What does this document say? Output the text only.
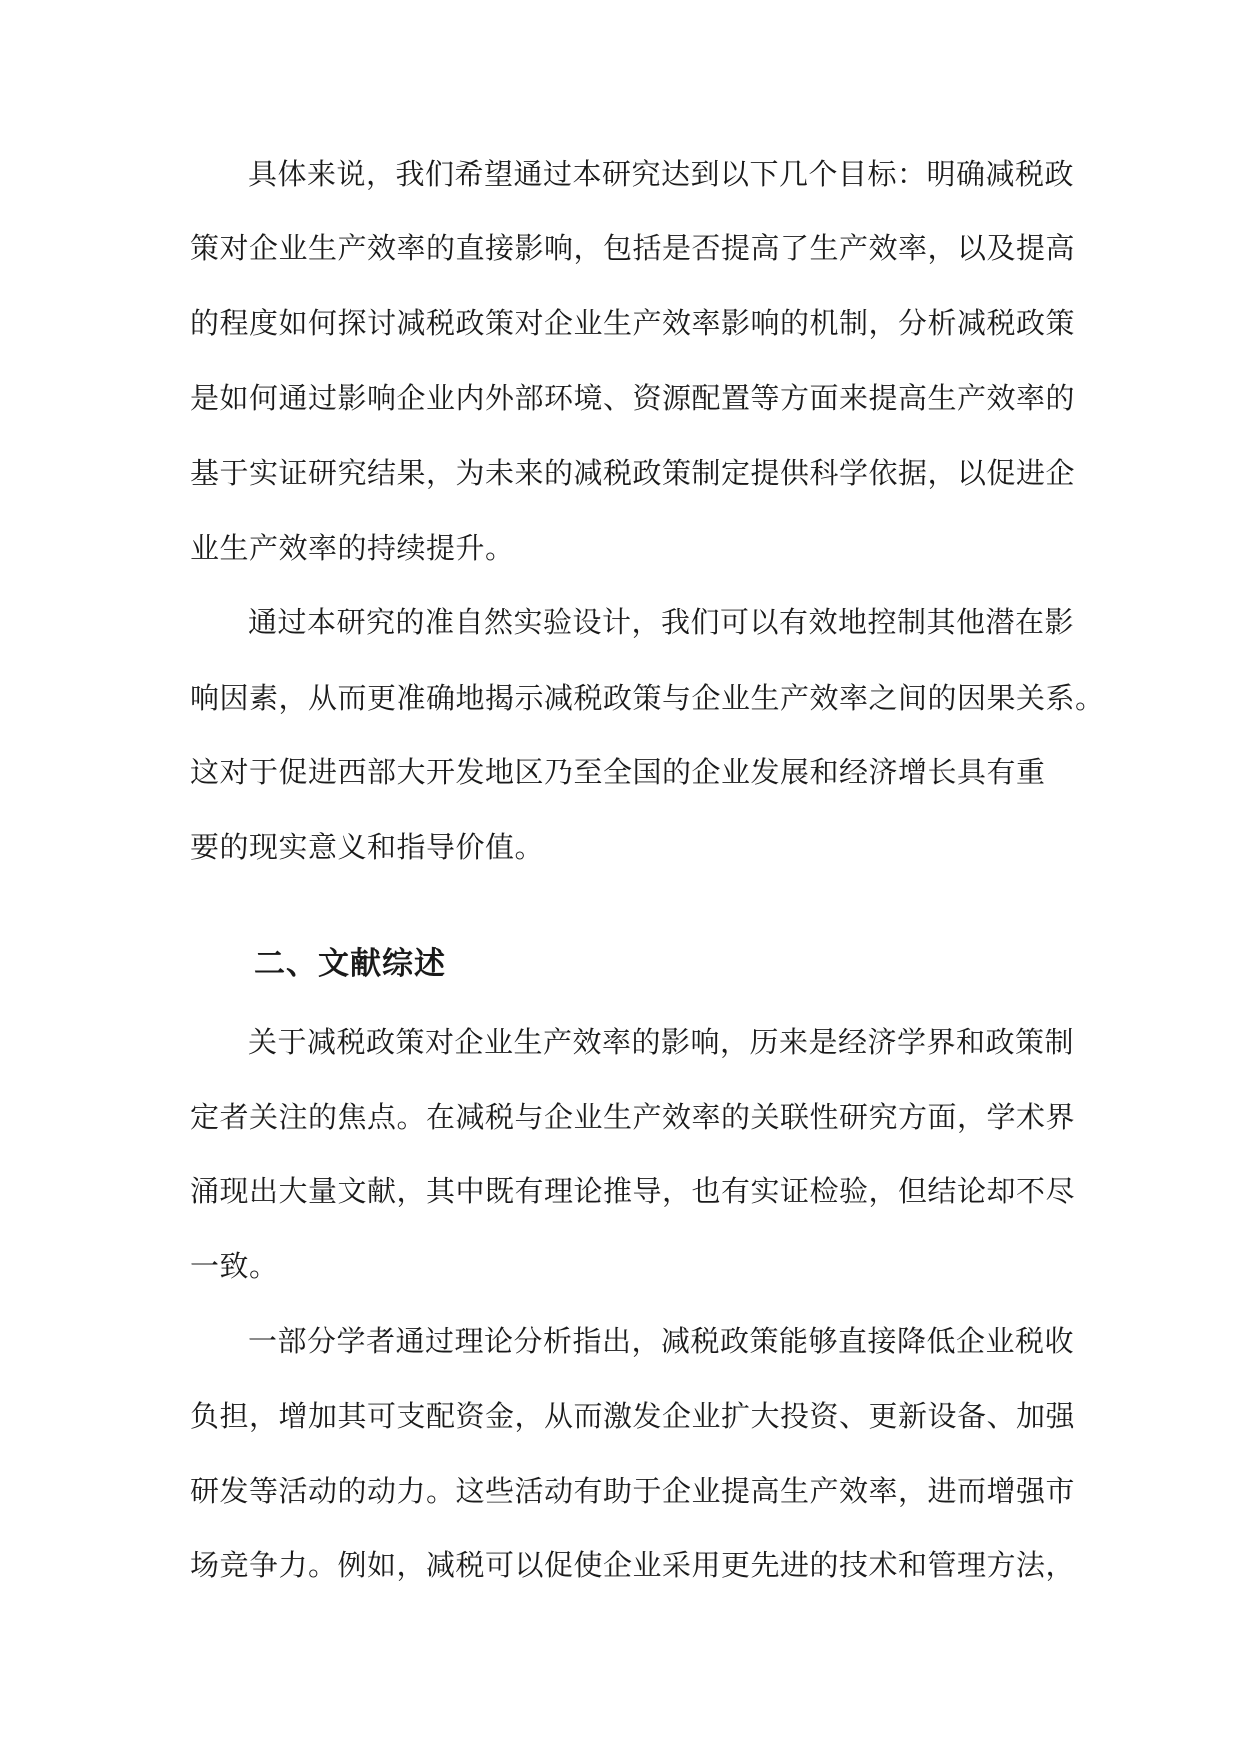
具体来说，我们希望通过本研究达到以下几个目标：明确减税政
策对企业生产效率的直接影响，包括是否提高了生产效率，以及提高
的程度如何探讨减税政策对企业生产效率影响的机制，分析减税政策
是如何通过影响企业内外部环境、资源配置等方面来提高生产效率的
基于实证研究结果，为未来的减税政策制定提供科学依据，以促进企
业生产效率的持续提升。
通过本研究的准自然实验设计，我们可以有效地控制其他潜在影
响因素，从而更准确地揭示减税政策与企业生产效率之间的因果关系。
这对于促进西部大开发地区乃至全国的企业发展和经济增长具有重
要的现实意义和指导价值。
二、文献综述
关于减税政策对企业生产效率的影响，历来是经济学界和政策制
定者关注的焦点。在减税与企业生产效率的关联性研究方面，学术界
涌现出大量文献，其中既有理论推导，也有实证检验，但结论却不尽
一致。
一部分学者通过理论分析指出，减税政策能够直接降低企业税收
负担，增加其可支配资金，从而激发企业扩大投资、更新设备、加强
研发等活动的动力。这些活动有助于企业提高生产效率，进而增强市
场竞争力。例如，减税可以促使企业采用更先进的技术和管理方法，
